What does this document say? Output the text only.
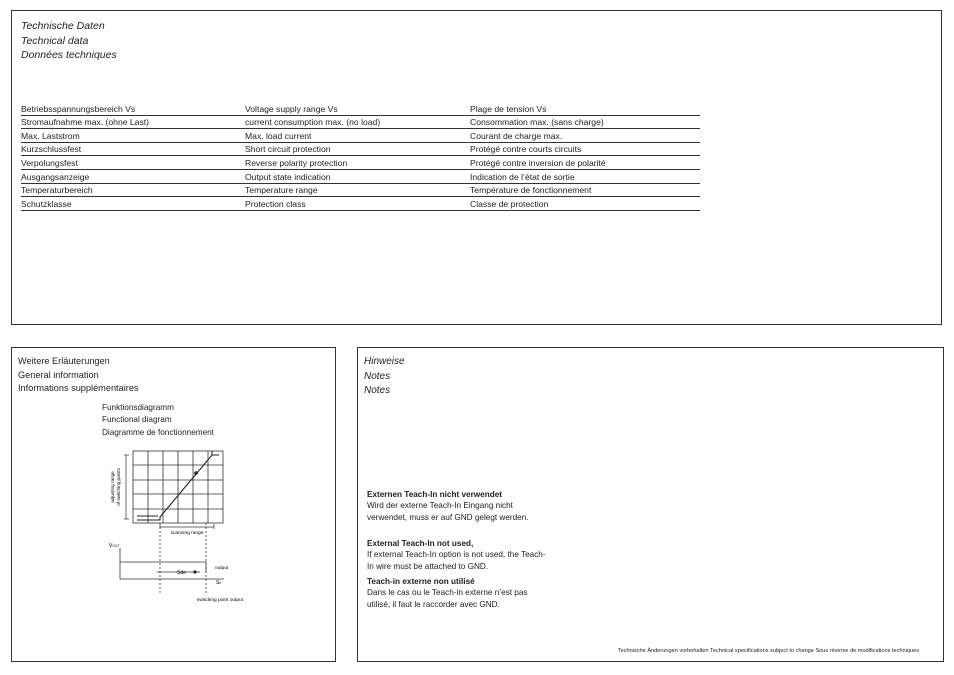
Technische Daten
Technical data
Données techniques
Betriebsspannungsbereich Vs	Voltage supply range Vs	Plage de tension Vs
Stromaufnahme max. (ohne Last)	current consumption max. (no load)	Consommation max. (sans charge)
Max. Laststrom	Max. load current	Courant de charge max.
Kurzschlussfest	Short circuit protection	Protégé contre courts circuits
Verpolungsfest	Reverse polarity protection	Protégé contre inversion de polarité
Ausgangsanzeige	Output state indication	Indication de l’état de sortie
Temperaturbereich	Temperature range	Température de fonctionnement
Schutzklasse	Protection class	Classe de protection
Weitere Erläuterungen
General information
Informations supplémentaires
Funktionsdiagramm
Functional diagram
Diagramme de fonctionnement
adjusting range of switching points
scanning range
VOUT
output
Sde
S0
switching point output
Hinweise
Notes
Notes
Externen Teach-In nicht verwendet
Wird der externe Teach-In Eingang nicht verwendet, muss er auf GND gelegt werden.
External Teach-In not used,
If external Teach-In option is not used, the Teach-In wire must be attached to GND.
Teach-in externe non utilisé
Dans le cas ou le Teach-in externe n’est pas utilisé, il faut le raccorder avec GND.
Technische Änderungen vorbehalten Technical specifications subject to change Sous réserve de modifications techniques
